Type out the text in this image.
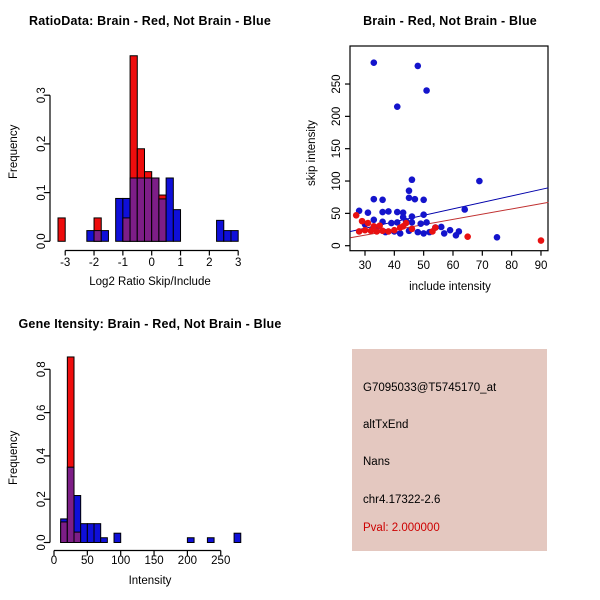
RatioData: Brain - Red, Not Brain - Blue	Brain - Red, Not Brain - Blue
Gene Itensity: Brain - Red, Not Brain - Blue
Log2 Ratio Skip/Include	include intensity
Intensity
Frequency	skip intensity
Frequency
-3 -2 -1 0 1 2 3
0.0
0.1
0.2
0.3
30 40 50 60 70 80 90
0
50
100
150
200
250
0 50 100 150 200 250
0.0
0.2
0.4
0.6
0.8
G7095033@T5745170_at
altTxEnd
Nans
chr4.17322-2.6
Pval: 2.000000
